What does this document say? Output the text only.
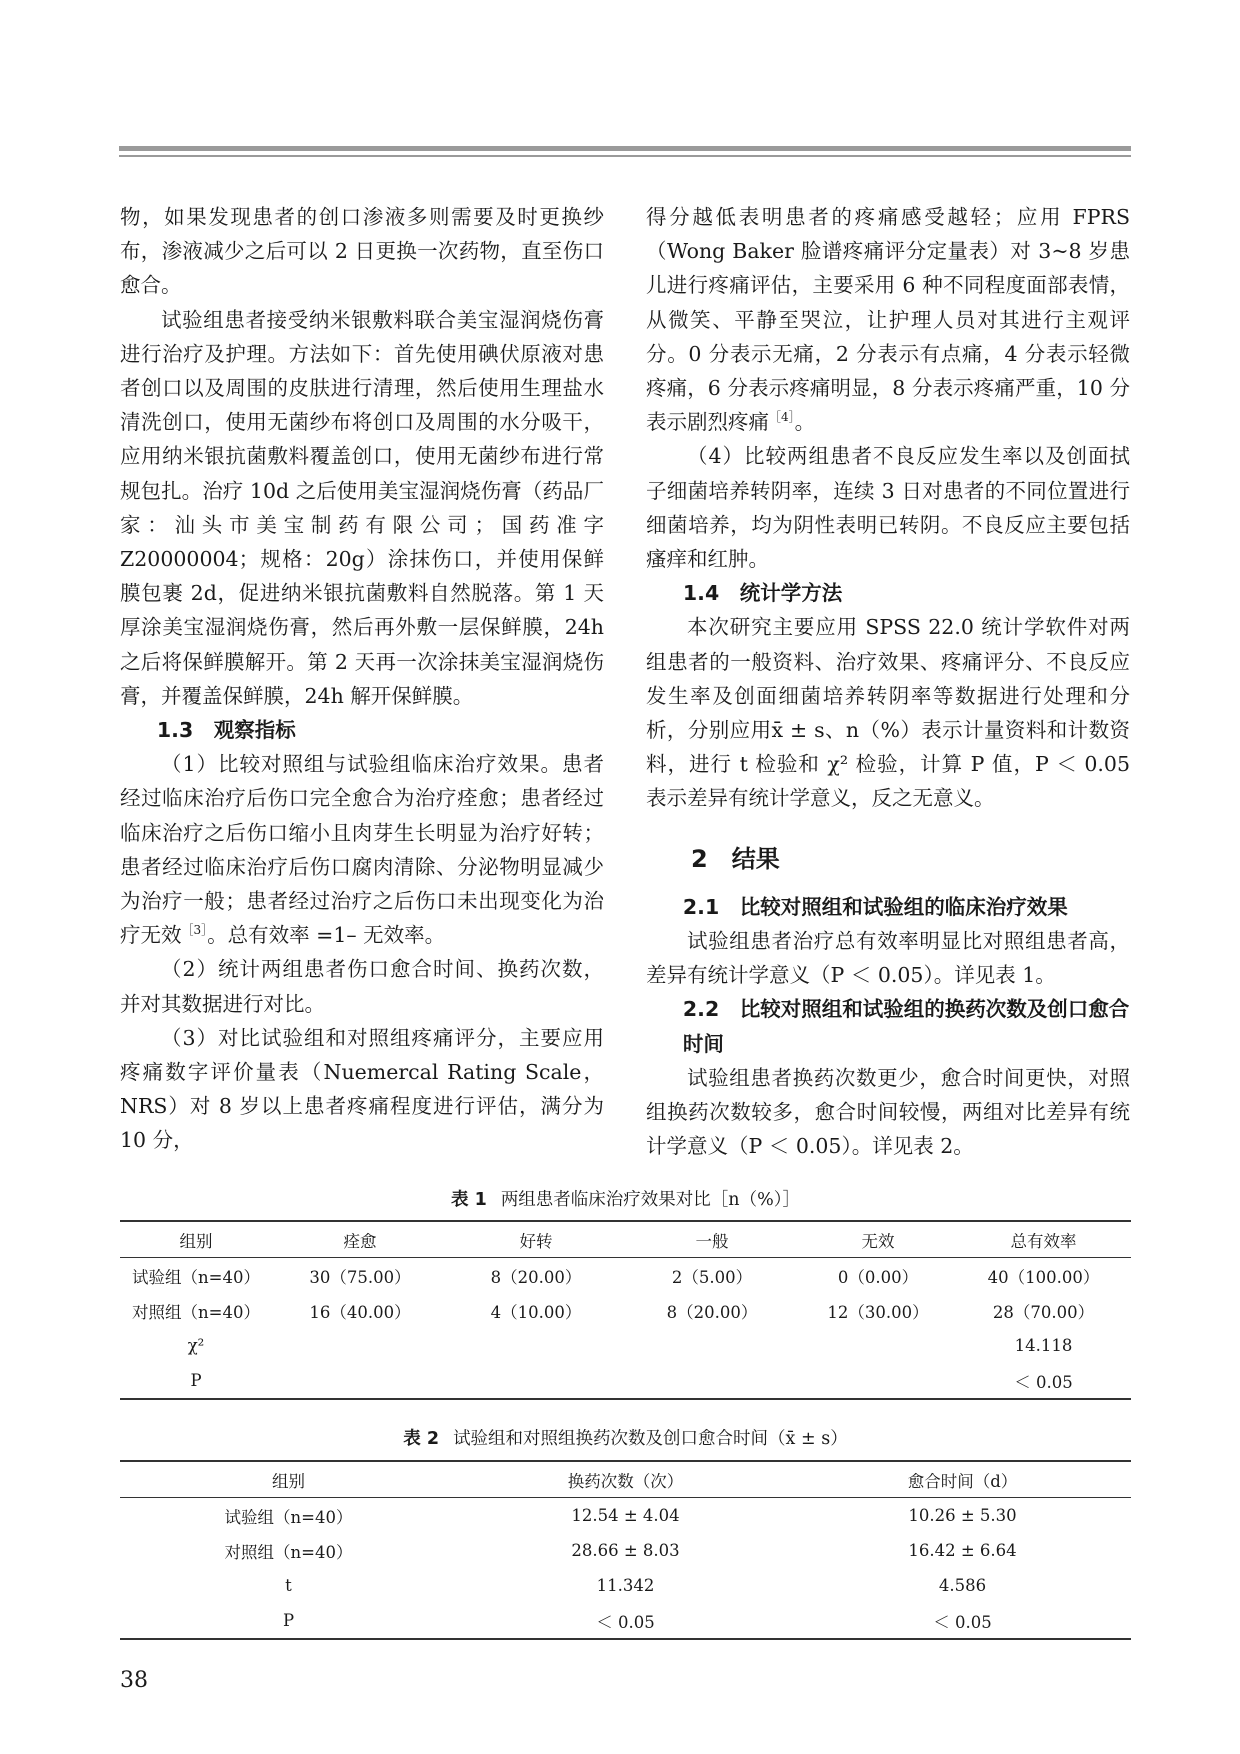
物，如果发现患者的创口渗液多则需要及时更换纱布，渗液减少之后可以 2 日更换一次药物，直至伤口愈合。

试验组患者接受纳米银敷料联合美宝湿润烧伤膏进行治疗及护理。方法如下：首先使用碘伏原液对患者创口以及周围的皮肤进行清理，然后使用生理盐水清洗创口，使用无菌纱布将创口及周围的水分吸干，应用纳米银抗菌敷料覆盖创口，使用无菌纱布进行常规包扎。治疗 10d 之后使用美宝湿润烧伤膏（药品厂家：汕头市美宝制药有限公司；国药准字 Z20000004；规格：20g）涂抹伤口，并使用保鲜膜包裹 2d，促进纳米银抗菌敷料自然脱落。第 1 天厚涂美宝湿润烧伤膏，然后再外敷一层保鲜膜，24h 之后将保鲜膜解开。第 2 天再一次涂抹美宝湿润烧伤膏，并覆盖保鲜膜，24h 解开保鲜膜。

1.3　观察指标

（1）比较对照组与试验组临床治疗效果。患者经过临床治疗后伤口完全愈合为治疗痊愈；患者经过临床治疗之后伤口缩小且肉芽生长明显为治疗好转；患者经过临床治疗后伤口腐肉清除、分泌物明显减少为治疗一般；患者经过治疗之后伤口未出现变化为治疗无效$^{[3]}$。总有效率 =1– 无效率。

（2）统计两组患者伤口愈合时间、换药次数，并对其数据进行对比。

（3）对比试验组和对照组疼痛评分，主要应用疼痛数字评价量表（Nuemercal Rating Scale，NRS）对 8 岁以上患者疼痛程度进行评估，满分为 10 分，

得分越低表明患者的疼痛感受越轻；应用 FPRS（Wong Baker 脸谱疼痛评分定量表）对 3~8 岁患儿进行疼痛评估，主要采用 6 种不同程度面部表情，从微笑、平静至哭泣，让护理人员对其进行主观评分。0 分表示无痛，2 分表示有点痛，4 分表示轻微疼痛，6 分表示疼痛明显，8 分表示疼痛严重，10 分表示剧烈疼痛$^{[4]}$。

（4）比较两组患者不良反应发生率以及创面拭子细菌培养转阴率，连续 3 日对患者的不同位置进行细菌培养，均为阴性表明已转阴。不良反应主要包括瘙痒和红肿。

1.4　统计学方法

本次研究主要应用 SPSS 22.0 统计学软件对两组患者的一般资料、治疗效果、疼痛评分、不良反应发生率及创面细菌培养转阴率等数据进行处理和分析，分别应用x̄ ± s、n（%）表示计量资料和计数资料，进行 t 检验和 χ² 检验，计算 P 值，P ＜ 0.05 表示差异有统计学意义，反之无意义。

2　结果
2.1　比较对照组和试验组的临床治疗效果

试验组患者治疗总有效率明显比对照组患者高，差异有统计学意义（P ＜ 0.05）。详见表 1。

2.2　比较对照组和试验组的换药次数及创口愈合时间

试验组患者换药次数更少，愈合时间更快，对照组换药次数较多，愈合时间较慢，两组对比差异有统计学意义（P ＜ 0.05）。详见表 2。

表 1 两组患者临床治疗效果对比［n（%）］
组别	痊愈	好转	一般	无效	总有效率
试验组（n=40）	30（75.00）	8（20.00）	2（5.00）	0（0.00）	40（100.00）
对照组（n=40）	16（40.00）	4（10.00）	8（20.00）	12（30.00）	28（70.00）
χ²					14.118
P					＜ 0.05
表 2 试验组和对照组换药次数及创口愈合时间（x̄ ± s）
组别	换药次数（次）	愈合时间（d）
试验组（n=40）	12.54 ± 4.04	10.26 ± 5.30
对照组（n=40）	28.66 ± 8.03	16.42 ± 6.64
t	11.342	4.586
P	＜ 0.05	＜ 0.05
38
